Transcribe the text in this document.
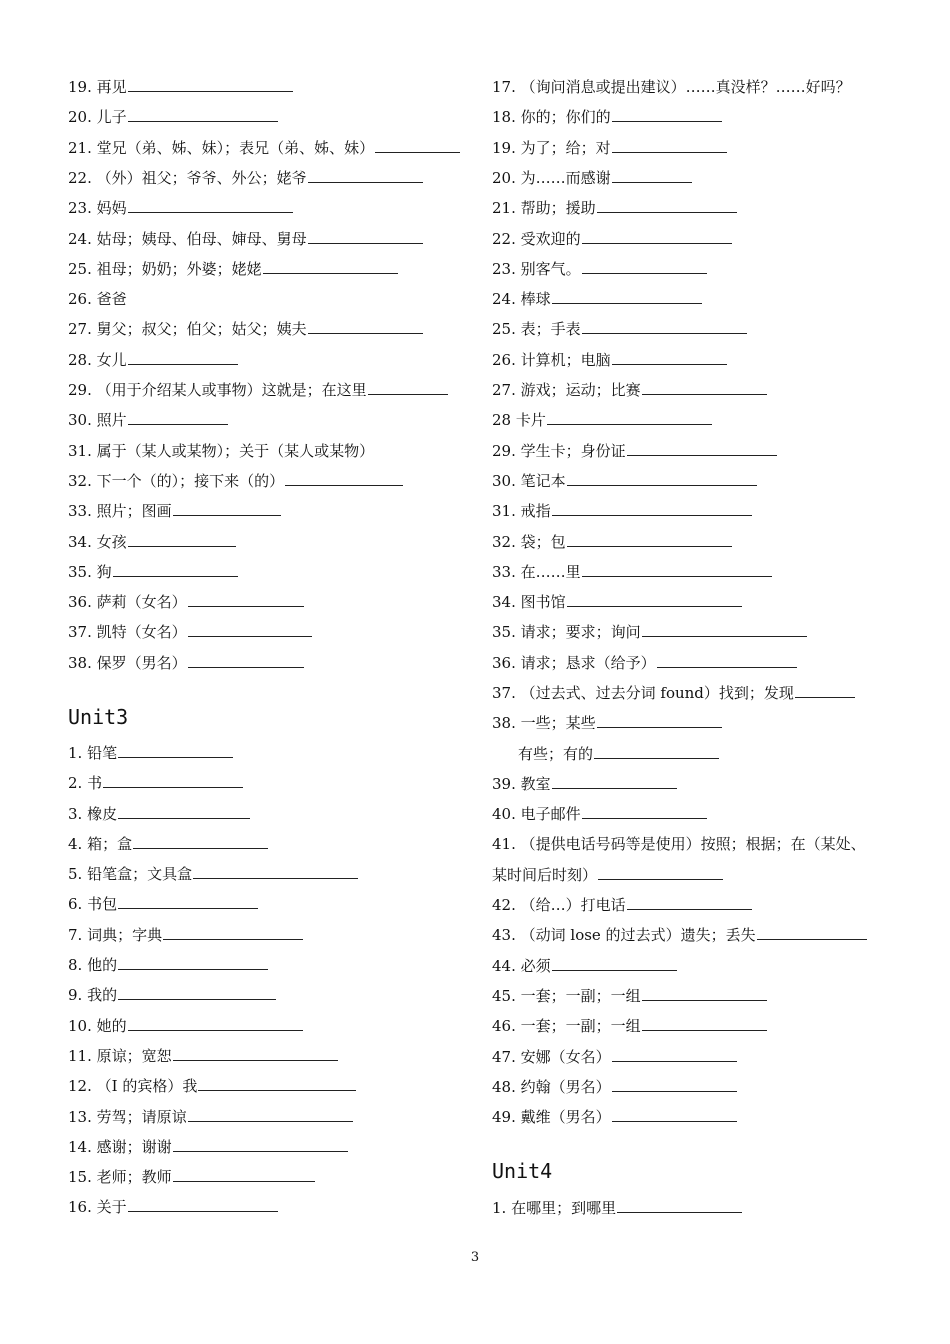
19. 再见
20. 儿子
21. 堂兄（弟、姊、妹）；表兄（弟、姊、妹）
22. （外）祖父；爷爷、外公；姥爷
23. 妈妈
24. 姑母；姨母、伯母、婶母、舅母
25. 祖母；奶奶；外婆；姥姥
26. 爸爸
27. 舅父；叔父；伯父；姑父；姨夫
28. 女儿
29. （用于介绍某人或事物）这就是；在这里
30. 照片
31. 属于（某人或某物）；关于（某人或某物）
32. 下一个（的）；接下来（的）
33. 照片；图画
34. 女孩
35. 狗
36. 萨莉（女名）
37. 凯特（女名）
38. 保罗（男名）
Unit3
1. 铅笔
2. 书
3. 橡皮
4. 箱；盒
5. 铅笔盒；文具盒
6. 书包
7. 词典；字典
8. 他的
9. 我的
10. 她的
11. 原谅；宽恕
12. （I 的宾格）我
13. 劳驾；请原谅
14. 感谢；谢谢
15. 老师；教师
16. 关于
17. （询问消息或提出建议）……真没样？……好吗？
18. 你的；你们的
19. 为了；给；对
20. 为……而感谢
21. 帮助；援助
22. 受欢迎的
23. 别客气。
24. 棒球
25. 表；手表
26. 计算机；电脑
27. 游戏；运动；比赛
28 卡片
29. 学生卡；身份证
30. 笔记本
31. 戒指
32. 袋；包
33. 在……里
34. 图书馆
35. 请求；要求；询问
36. 请求；恳求（给予）
37. （过去式、过去分词 found）找到；发现
38. 一些；某些
有些；有的
39. 教室
40. 电子邮件
41. （提供电话号码等是使用）按照；根据；在（某处、
某时间后时刻）
42. （给…）打电话
43. （动词 lose 的过去式）遗失；丢失
44. 必须
45. 一套；一副；一组
46. 一套；一副；一组
47. 安娜（女名）
48. 约翰（男名）
49. 戴维（男名）
Unit4
1. 在哪里；到哪里
3
